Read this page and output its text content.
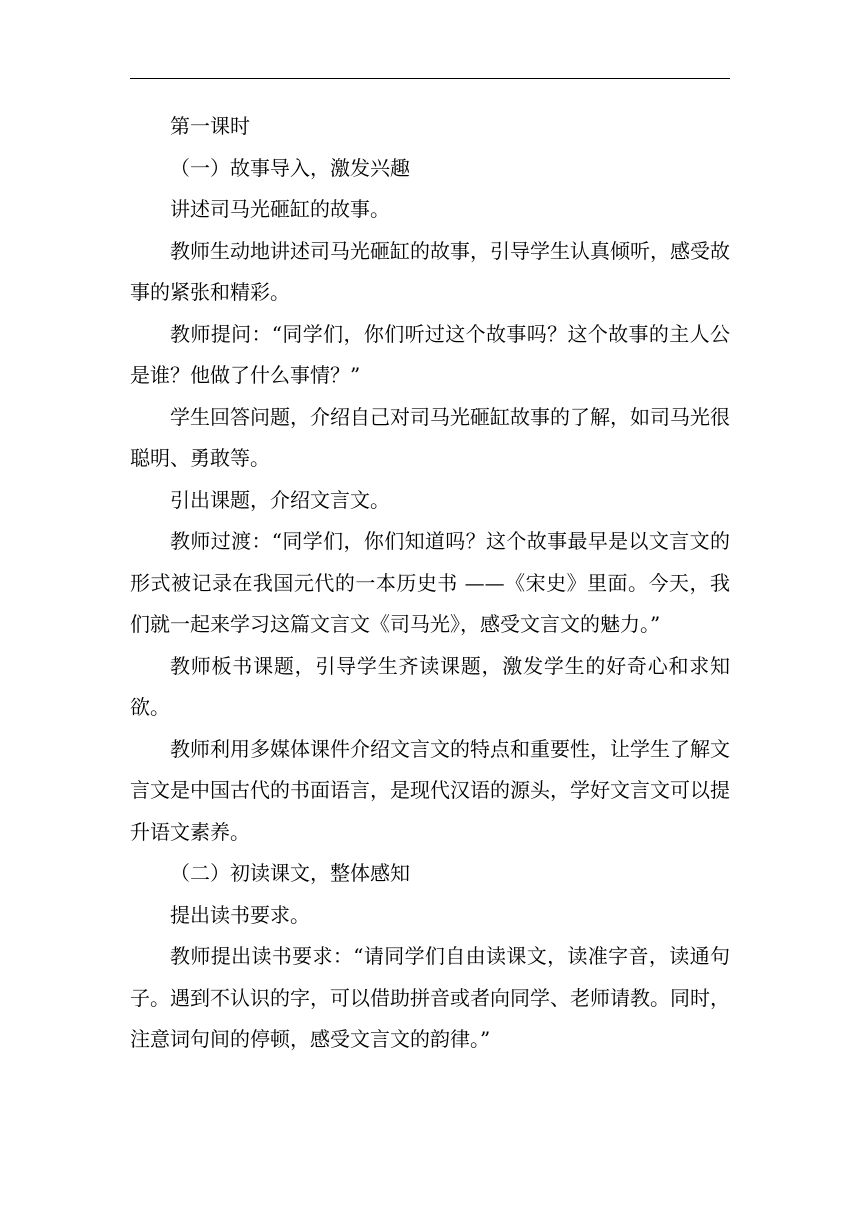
第一课时

（一）故事导入，激发兴趣

讲述司马光砸缸的故事。

教师生动地讲述司马光砸缸的故事，引导学生认真倾听，感受故事的紧张和精彩。

教师提问：“同学们，你们听过这个故事吗？这个故事的主人公是谁？他做了什么事情？”

学生回答问题，介绍自己对司马光砸缸故事的了解，如司马光很聪明、勇敢等。

引出课题，介绍文言文。

教师过渡：“同学们，你们知道吗？这个故事最早是以文言文的形式被记录在我国元代的一本历史书 ——《宋史》里面。今天，我们就一起来学习这篇文言文《司马光》，感受文言文的魅力。”

教师板书课题，引导学生齐读课题，激发学生的好奇心和求知欲。

教师利用多媒体课件介绍文言文的特点和重要性，让学生了解文言文是中国古代的书面语言，是现代汉语的源头，学好文言文可以提升语文素养。

（二）初读课文，整体感知

提出读书要求。

教师提出读书要求：“请同学们自由读课文，读准字音，读通句子。遇到不认识的字，可以借助拼音或者向同学、老师请教。同时，注意词句间的停顿，感受文言文的韵律。”
